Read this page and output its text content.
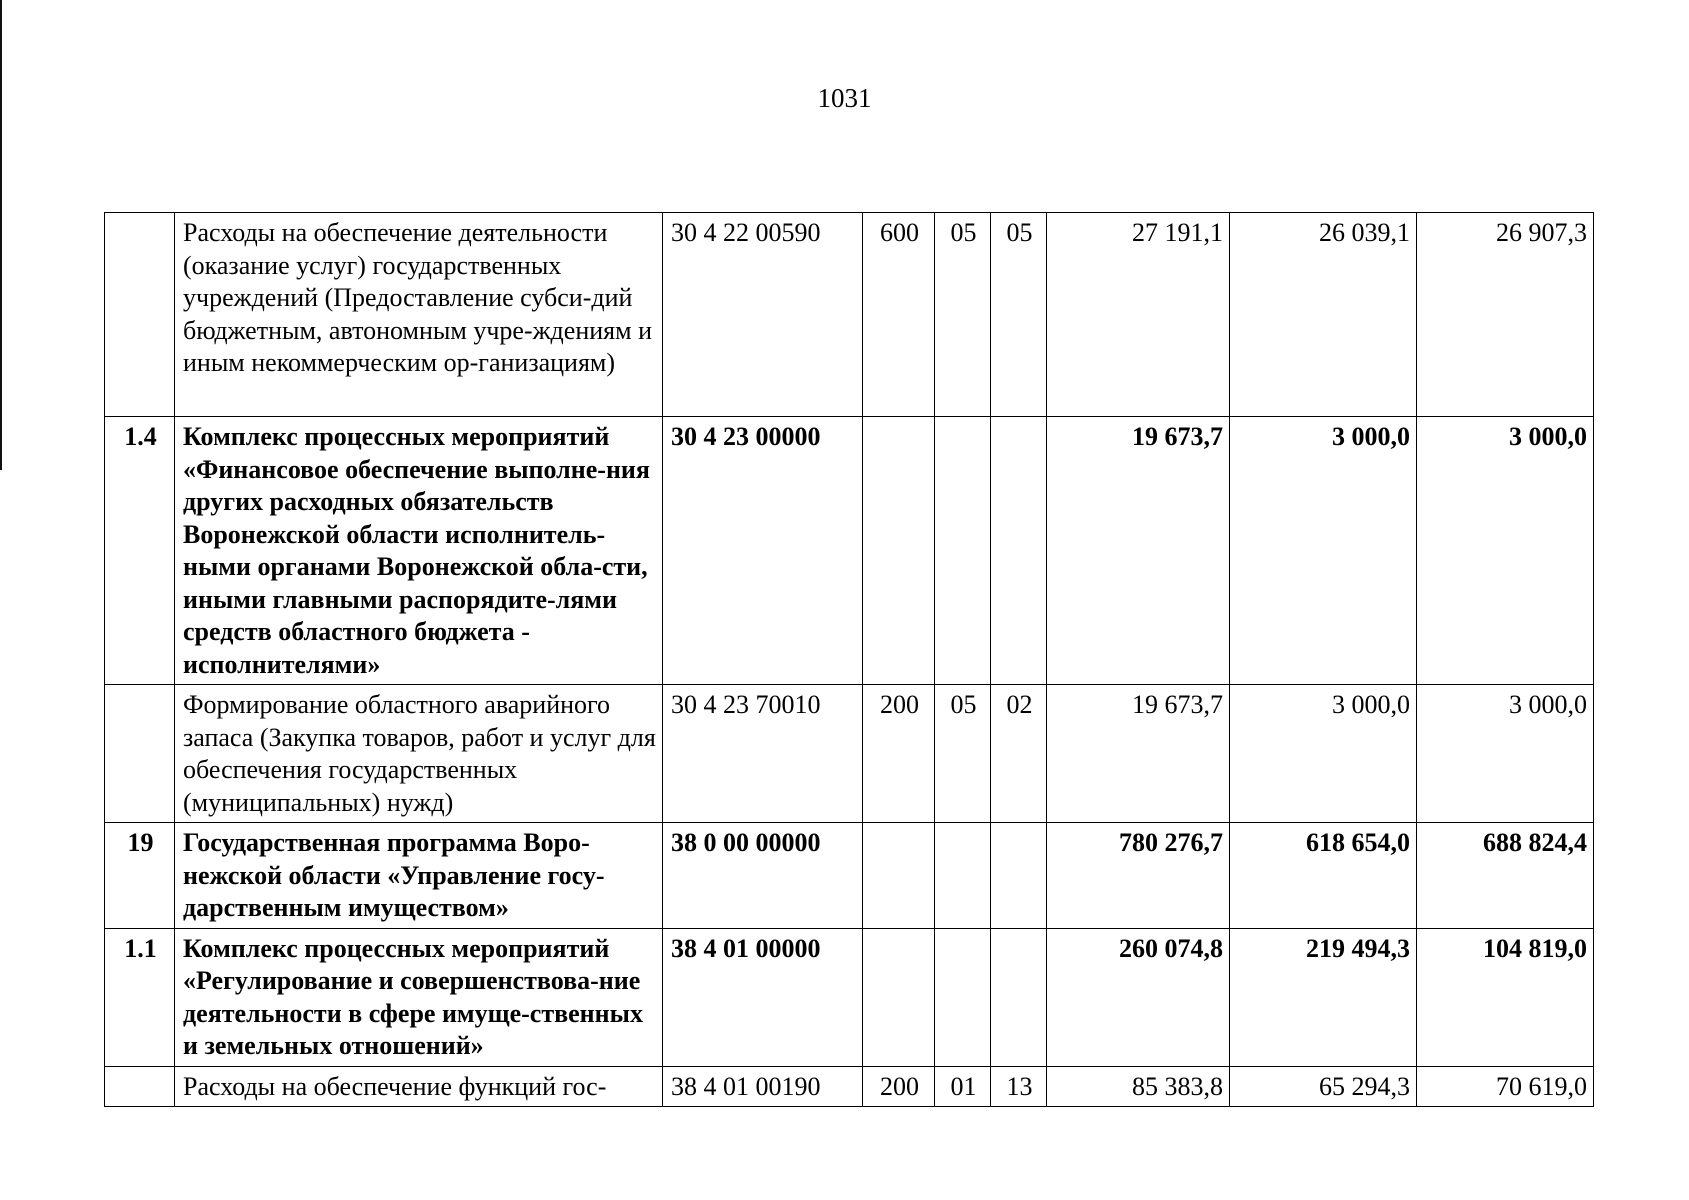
1031
	Расходы на обеспечение деятельности (оказание услуг) государственных учреждений (Предоставление субси-дий бюджетным, автономным учре-ждениям и иным некоммерческим ор-ганизациям)	30 4 22 00590	600	05	05	27 191,1	26 039,1	26 907,3
1.4	Комплекс процессных мероприятий «Финансовое обеспечение выполне-ния других расходных обязательств Воронежской области исполнитель-ными органами Воронежской обла-сти, иными главными распорядите-лями средств областного бюджета - исполнителями»	30 4 23 00000				19 673,7	3 000,0	3 000,0
	Формирование областного аварийного запаса (Закупка товаров, работ и услуг для обеспечения государственных (муниципальных) нужд)	30 4 23 70010	200	05	02	19 673,7	3 000,0	3 000,0
19	Государственная программа Воро-нежской области «Управление госу-дарственным имуществом»	38 0 00 00000				780 276,7	618 654,0	688 824,4
1.1	Комплекс процессных мероприятий «Регулирование и совершенствова-ние деятельности в сфере имуще-ственных и земельных отношений»	38 4 01 00000				260 074,8	219 494,3	104 819,0
	Расходы на обеспечение функций гос-	38 4 01 00190	200	01	13	85 383,8	65 294,3	70 619,0
